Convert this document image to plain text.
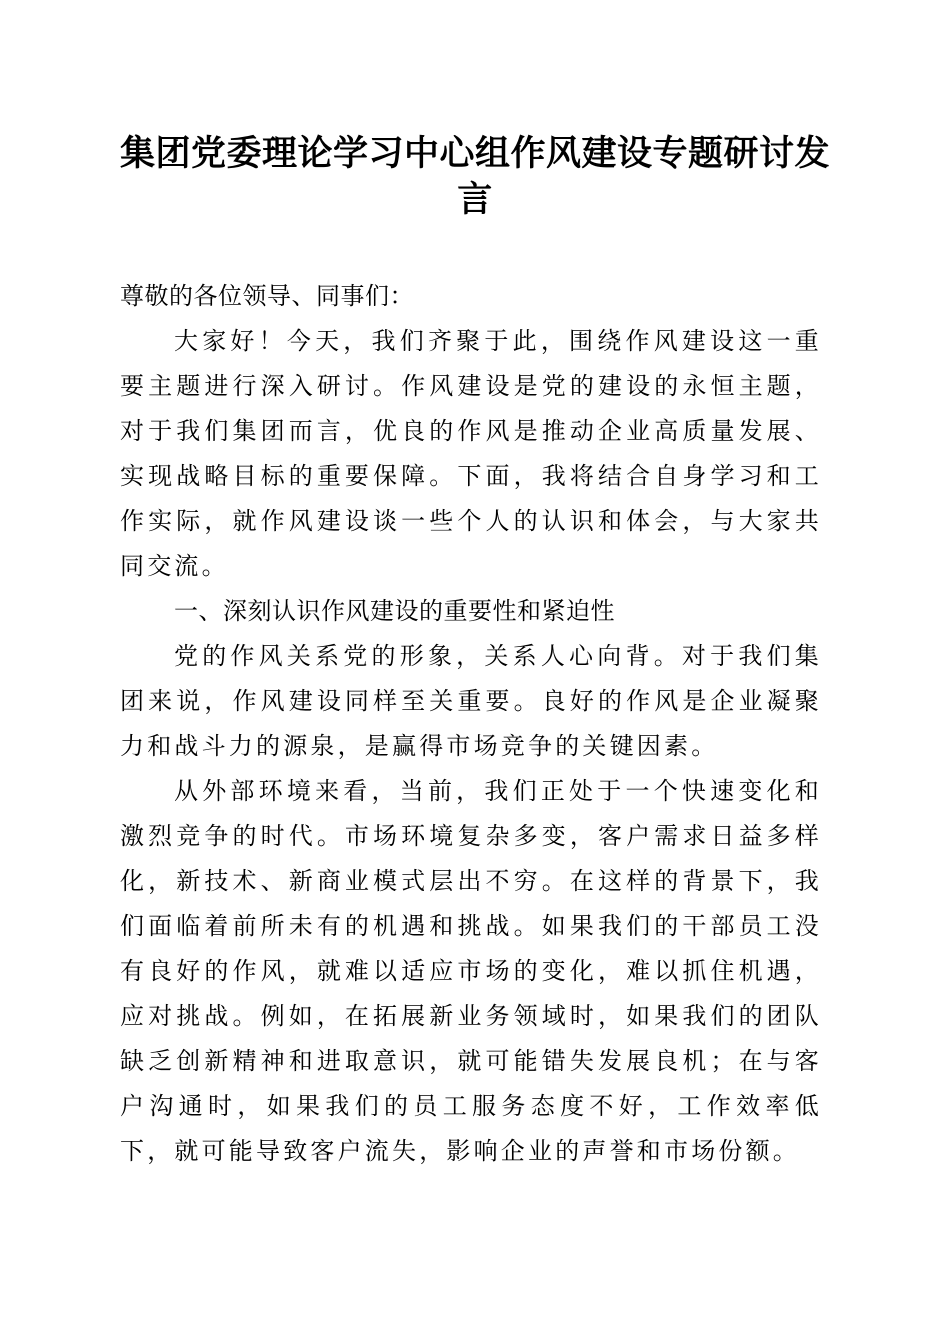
集团党委理论学习中心组作风建设专题研讨发言

尊敬的各位领导、同事们：

大家好！今天，我们齐聚于此，围绕作风建设这一重要主题进行深入研讨。作风建设是党的建设的永恒主题，对于我们集团而言，优良的作风是推动企业高质量发展、实现战略目标的重要保障。下面，我将结合自身学习和工作实际，就作风建设谈一些个人的认识和体会，与大家共同交流。

一、深刻认识作风建设的重要性和紧迫性

党的作风关系党的形象，关系人心向背。对于我们集团来说，作风建设同样至关重要。良好的作风是企业凝聚力和战斗力的源泉，是赢得市场竞争的关键因素。

从外部环境来看，当前，我们正处于一个快速变化和激烈竞争的时代。市场环境复杂多变，客户需求日益多样化，新技术、新商业模式层出不穷。在这样的背景下，我们面临着前所未有的机遇和挑战。如果我们的干部员工没有良好的作风，就难以适应市场的变化，难以抓住机遇，应对挑战。例如，在拓展新业务领域时，如果我们的团队缺乏创新精神和进取意识，就可能错失发展良机；在与客户沟通时，如果我们的员工服务态度不好，工作效率低下，就可能导致客户流失，影响企业的声誉和市场份额。
